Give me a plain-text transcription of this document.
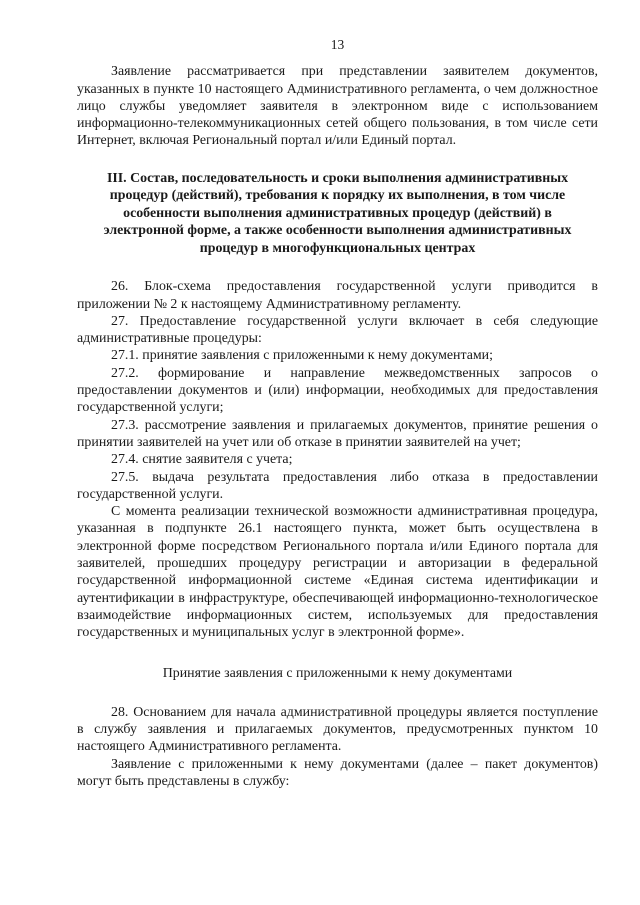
13

Заявление рассматривается при представлении заявителем документов, указанных в пункте 10 настоящего Административного регламента, о чем должностное лицо службы уведомляет заявителя в электронном виде с использованием информационно-телекоммуникационных сетей общего пользования, в том числе сети Интернет, включая Региональный портал и/или Единый портал.

III. Состав, последовательность и сроки выполнения административных процедур (действий), требования к порядку их выполнения, в том числе особенности выполнения административных процедур (действий) в электронной форме, а также особенности выполнения административных процедур в многофункциональных центрах

26. Блок-схема предоставления государственной услуги приводится в приложении № 2 к настоящему Административному регламенту.

27. Предоставление государственной услуги включает в себя следующие административные процедуры:

27.1. принятие заявления с приложенными к нему документами;

27.2. формирование и направление межведомственных запросов о предоставлении документов и (или) информации, необходимых для предоставления государственной услуги;

27.3. рассмотрение заявления и прилагаемых документов, принятие решения о принятии заявителей на учет или об отказе в принятии заявителей на учет;

27.4. снятие заявителя с учета;

27.5. выдача результата предоставления либо отказа в предоставлении государственной услуги.

С момента реализации технической возможности административная процедура, указанная в подпункте 26.1 настоящего пункта, может быть осуществлена в электронной форме посредством Регионального портала и/или Единого портала для заявителей, прошедших процедуру регистрации и авторизации в федеральной государственной информационной системе «Единая система идентификации и аутентификации в инфраструктуре, обеспечивающей информационно-технологическое взаимодействие информационных систем, используемых для предоставления государственных и муниципальных услуг в электронной форме».

Принятие заявления с приложенными к нему документами

28. Основанием для начала административной процедуры является поступление в службу заявления и прилагаемых документов, предусмотренных пунктом 10 настоящего Административного регламента.

Заявление с приложенными к нему документами (далее – пакет документов) могут быть представлены в службу:
